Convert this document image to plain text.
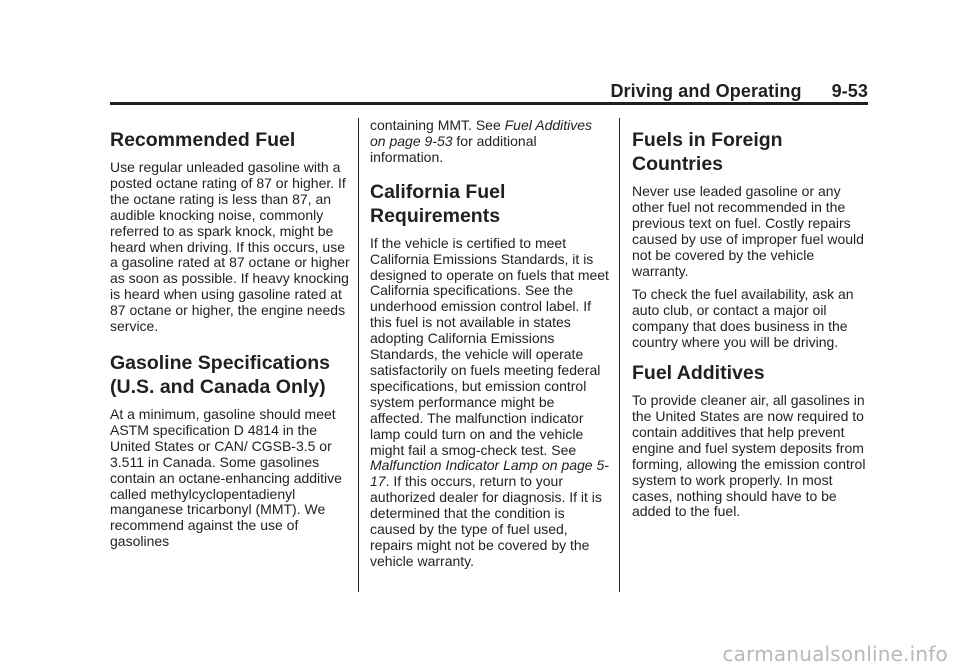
Driving and Operating 9-53
Recommended Fuel

Use regular unleaded gasoline with a posted octane rating of 87 or higher. If the octane rating is less than 87, an audible knocking noise, commonly referred to as spark knock, might be heard when driving. If this occurs, use a gasoline rated at 87 octane or higher as soon as possible. If heavy knocking is heard when using gasoline rated at 87 octane or higher, the engine needs service.

Gasoline Specifications (U.S. and Canada Only)

At a minimum, gasoline should meet ASTM specification D 4814 in the United States or CAN/ CGSB-3.5 or 3.511 in Canada. Some gasolines contain an octane-enhancing additive called methylcyclopentadienyl manganese tricarbonyl (MMT). We recommend against the use of gasolines

containing MMT. See Fuel Additives on page 9-53 for additional information.

California Fuel Requirements

If the vehicle is certified to meet California Emissions Standards, it is designed to operate on fuels that meet California specifications. See the underhood emission control label. If this fuel is not available in states adopting California Emissions Standards, the vehicle will operate satisfactorily on fuels meeting federal specifications, but emission control system performance might be affected. The malfunction indicator lamp could turn on and the vehicle might fail a smog-check test. See Malfunction Indicator Lamp on page 5-17. If this occurs, return to your authorized dealer for diagnosis. If it is determined that the condition is caused by the type of fuel used, repairs might not be covered by the vehicle warranty.

Fuels in Foreign Countries

Never use leaded gasoline or any other fuel not recommended in the previous text on fuel. Costly repairs caused by use of improper fuel would not be covered by the vehicle warranty.

To check the fuel availability, ask an auto club, or contact a major oil company that does business in the country where you will be driving.

Fuel Additives

To provide cleaner air, all gasolines in the United States are now required to contain additives that help prevent engine and fuel system deposits from forming, allowing the emission control system to work properly. In most cases, nothing should have to be added to the fuel.

carmanualsonline.info
